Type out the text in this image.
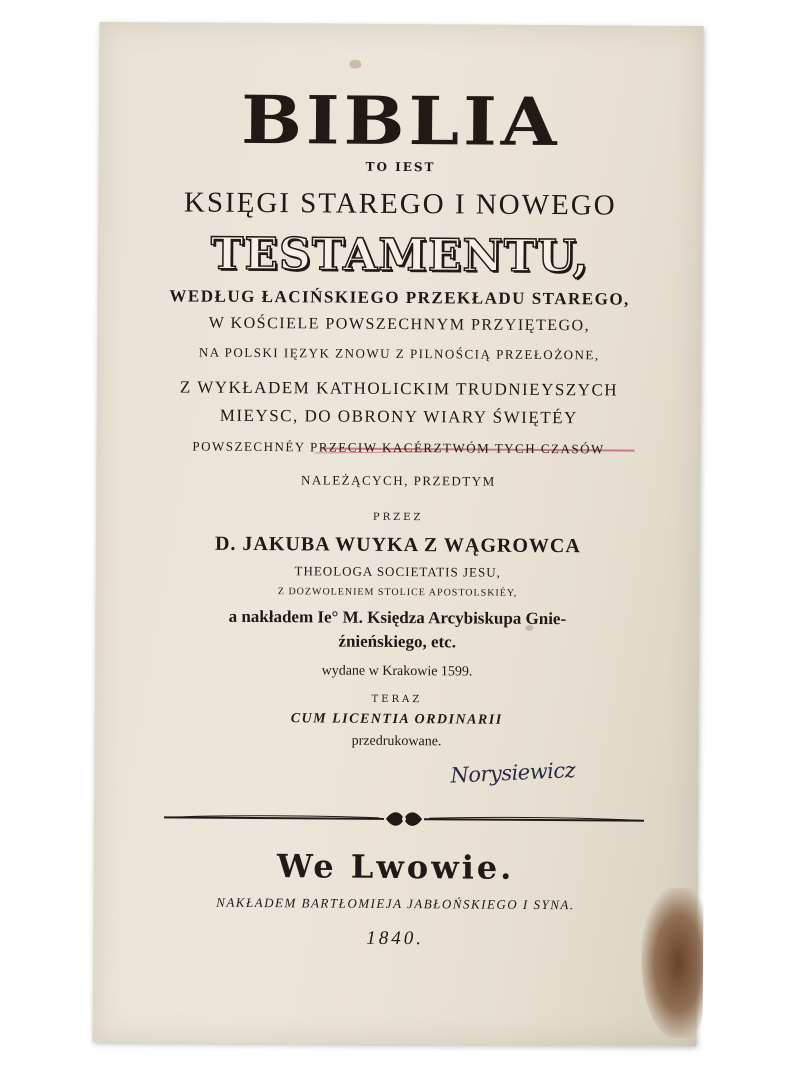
BIBLIA
TO IEST
KSIĘGI STAREGO I NOWEGO
TESTAMENTU,
WEDŁUG ŁACIŃSKIEGO PRZEKŁADU STAREGO,
W KOŚCIELE POWSZECHNYM PRZYIĘTEGO,
NA POLSKI IĘZYK ZNOWU Z PILNOŚCIĄ PRZEŁOŻONE,
Z WYKŁADEM KATHOLICKIM TRUDNIEYSZYCH
MIEYSC, DO OBRONY WIARY ŚWIĘTÉY
POWSZECHNÉY PRZECIW KACÉRZTWÓM TYCH CZASÓW
NALEŻĄCYCH, PRZEDTYM
PRZEZ
D. JAKUBA WUYKA Z WĄGROWCA
THEOLOGA SOCIETATIS JESU,
Z DOZWOLENIEM STOLICE APOSTOLSKIÉY,
a nakładem Ie° M. Księdza Arcybiskupa Gnie-
źnieńskiego, etc.
wydane w Krakowie 1599.
TERAZ
CUM LICENTIA ORDINARII
przedrukowane.
Norysiewicz
We Lwowie.
NAKŁADEM BARTŁOMIEJA JABŁOŃSKIEGO I SYNA.
1840.
